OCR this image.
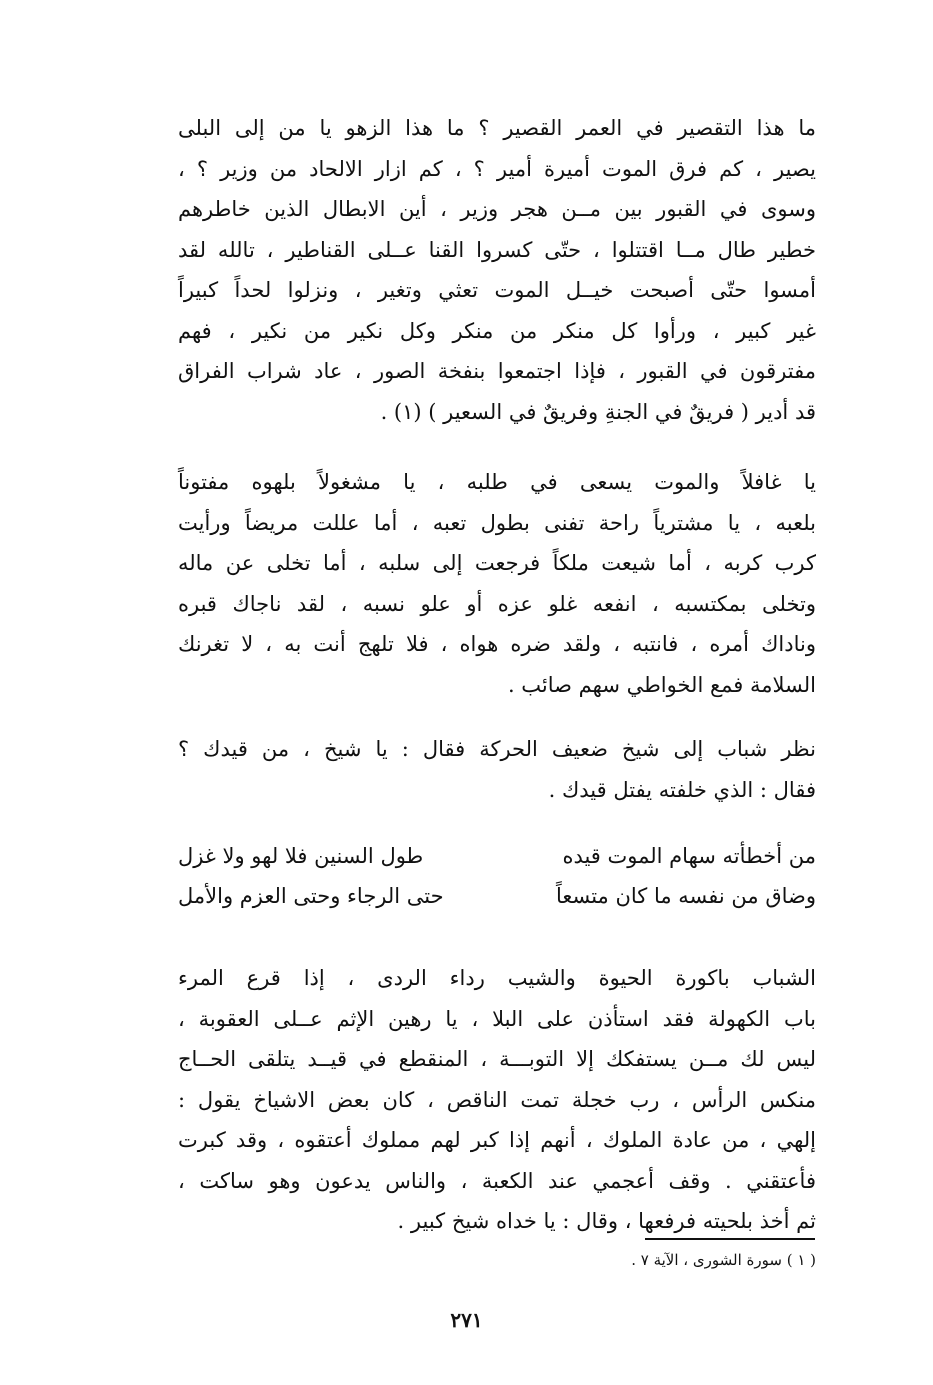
ما هذا التقصير في العمر القصير ؟ ما هذا الزهو يا من إلى البلى
يصير ، كم فرق الموت أميرة أمير ؟ ، كم ازار الالحاد من وزير ؟ ،
وسوى في القبور بين مــن هجر وزير ، أين الابطال الذين خاطرهم
خطير طال مــا اقتتلوا ، حتّى كسروا القنا عــلى القناطير ، تالله لقد
أمسوا حتّى أصبحت خيــل الموت تعثي وتغير ، ونزلوا لحداً كبيراً
غير كبير ، ورأوا كل منكر من منكر وكل نكير من نكير ، فهم
مفترقون في القبور ، فإذا اجتمعوا بنفخة الصور ، عاد شراب الفراق
قد أدير ( فريقٌ في الجنةِ وفريقٌ في السعير ) (١) .
يا غافلاً والموت يسعى في طلبه ، يا مشغولاً بلهوه مفتوناً
بلعبه ، يا مشترياً راحة تفنى بطول تعبه ، أما عللت مريضاً ورأيت
كرب كربه ، أما شيعت ملكاً فرجعت إلى سلبه ، أما تخلى عن ماله
وتخلى بمكتسبه ، انفعه غلو عزه أو علو نسبه ، لقد ناجاك قبره
وناداك أمره ، فانتبه ، ولقد ضره هواه ، فلا تلهج أنت به ، لا تغرنك
السلامة فمع الخواطي سهم صائب .
نظر شباب إلى شيخ ضعيف الحركة فقال : يا شيخ ، من قيدك ؟
فقال : الذي خلفته يفتل قيدك .
من أخطأته سهام الموت قيده
طول السنين فلا لهو ولا غزل
وضاق من نفسه ما كان متسعاً
حتى الرجاء وحتى العزم والأمل
الشباب باكورة الحيوة والشيب رداء الردى ، إذا قرع المرء
باب الكهولة فقد استأذن على البلا ، يا رهين الإثم عــلى العقوبة ،
ليس لك مــن يستفكك إلا التوبـــة ، المنقطع في قيــد يتلقى الحــاج
منكس الرأس ، رب خجلة تمت الناقص ، كان بعض الاشياخ يقول :
إلهي ، من عادة الملوك ، أنهم إذا كبر لهم مملوك أعتقوه ، وقد كبرت
فأعتقني . وقف أعجمي عند الكعبة ، والناس يدعون وهو ساكت ،
ثم أخذ بلحيته فرفعها ، وقال : يا خداه شيخ كبير .
( ١ ) سورة الشورى ، الآية ٧ .
٢٧١
